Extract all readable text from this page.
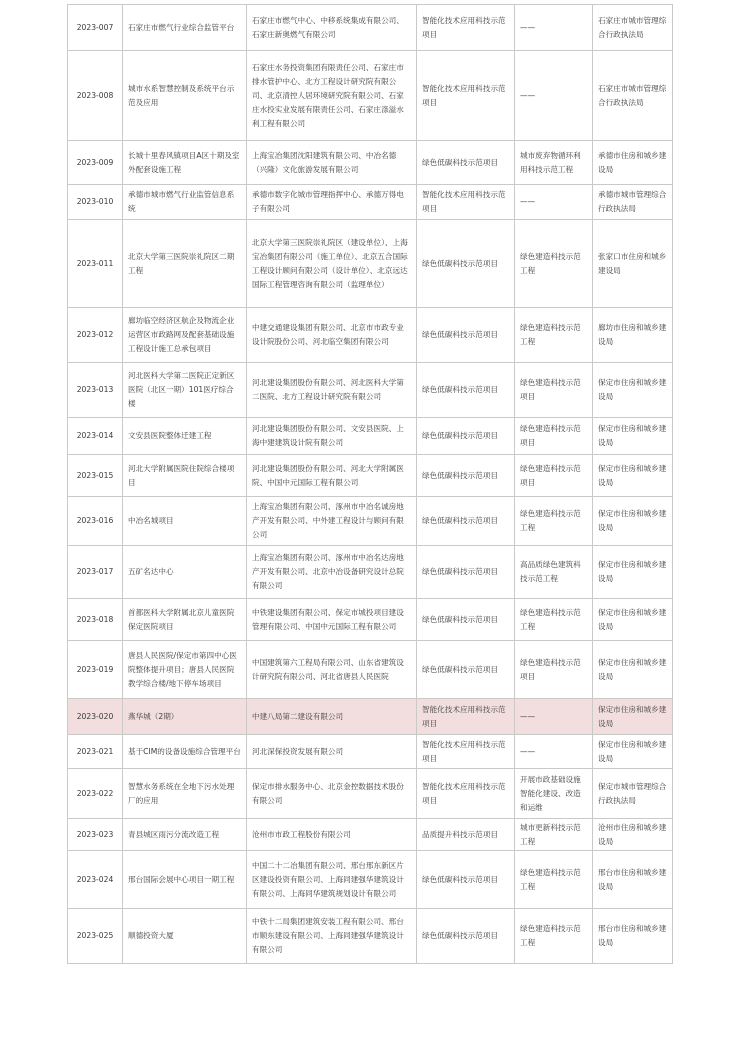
2023-007	石家庄市燃气行业综合监管平台	石家庄市燃气中心、中移系统集成有限公司、石家庄新奥燃气有限公司	智能化技术应用科技示范项目	——	石家庄市城市管理综合行政执法局
2023-008	城市水系智慧控制及系统平台示范及应用	石家庄水务投资集团有限责任公司、石家庄市排水管护中心、北方工程设计研究院有限公司、北京清控人居环境研究院有限公司、石家庄水投实业发展有限责任公司、石家庄涤溢水利工程有限公司	智能化技术应用科技示范项目	——	石家庄市城市管理综合行政执法局
2023-009	长城十里春风镇项目A区十期及室外配套设施工程	上海宝冶集团沈阳建筑有限公司、中冶名德（兴隆）文化旅游发展有限公司	绿色低碳科技示范项目	城市废弃物循环利用科技示范工程	承德市住房和城乡建设局
2023-010	承德市城市燃气行业监管信息系统	承德市数字化城市管理指挥中心、承德万得电子有限公司	智能化技术应用科技示范项目	——	承德市城市管理综合行政执法局
2023-011	北京大学第三医院崇礼院区二期工程	北京大学第三医院崇礼院区（建设单位）、上海宝冶集团有限公司（施工单位）、北京五合国际工程设计顾问有限公司（设计单位）、北京远达国际工程管理咨询有限公司（监理单位）	绿色低碳科技示范项目	绿色建造科技示范工程	张家口市住房和城乡建设局
2023-012	廊坊临空经济区航企及物流企业运营区市政路网及配套基础设施工程设计施工总承包项目	中建交通建设集团有限公司、北京市市政专业设计院股份公司、河北临空集团有限公司	绿色低碳科技示范项目	绿色建造科技示范工程	廊坊市住房和城乡建设局
2023-013	河北医科大学第二医院正定新区医院（北区一期）101医疗综合楼	河北建设集团股份有限公司、河北医科大学第二医院、北方工程设计研究院有限公司	绿色低碳科技示范项目	绿色建造科技示范项目	保定市住房和城乡建设局
2023-014	文安县医院整体迁建工程	河北建设集团股份有限公司、文安县医院、上海中建建筑设计院有限公司	绿色低碳科技示范项目	绿色建造科技示范项目	保定市住房和城乡建设局
2023-015	河北大学附属医院住院综合楼项目	河北建设集团股份有限公司、河北大学附属医院、中国中元国际工程有限公司	绿色低碳科技示范项目	绿色建造科技示范项目	保定市住房和城乡建设局
2023-016	中冶名城项目	上海宝冶集团有限公司、涿州市中冶名诚房地产开发有限公司、中外建工程设计与顾问有限公司	绿色低碳科技示范项目	绿色建造科技示范工程	保定市住房和城乡建设局
2023-017	五矿名达中心	上海宝冶集团有限公司、涿州市中冶名达房地产开发有限公司、北京中冶设备研究设计总院有限公司	绿色低碳科技示范项目	高品质绿色建筑科技示范工程	保定市住房和城乡建设局
2023-018	首都医科大学附属北京儿童医院保定医院项目	中铁建设集团有限公司、保定市城投项目建设管理有限公司、中国中元国际工程有限公司	绿色低碳科技示范项目	绿色建造科技示范工程	保定市住房和城乡建设局
2023-019	唐县人民医院/保定市第四中心医院整体提升项目；唐县人民医院教学综合楼/地下停车场项目	中国建筑第六工程局有限公司、山东省建筑设计研究院有限公司、河北省唐县人民医院	绿色低碳科技示范项目	绿色建造科技示范项目	保定市住房和城乡建设局
2023-020	燕华城（2期）	中建八局第二建设有限公司	智能化技术应用科技示范项目	——	保定市住房和城乡建设局
2023-021	基于CIM的设备设施综合管理平台	河北深保投资发展有限公司	智能化技术应用科技示范项目	——	保定市住房和城乡建设局
2023-022	智慧水务系统在全地下污水处理厂的应用	保定市排水服务中心、北京金控数据技术股份有限公司	智能化技术应用科技示范项目	开展市政基础设施智能化建设、改造和运维	保定市城市管理综合行政执法局
2023-023	青县城区雨污分流改造工程	沧州市市政工程股份有限公司	品质提升科技示范项目	城市更新科技示范工程	沧州市住房和城乡建设局
2023-024	邢台国际会展中心项目一期工程	中国二十二冶集团有限公司、邢台邢东新区片区建设投资有限公司、上海同建强华建筑设计有限公司、上海同华建筑规划设计有限公司	绿色低碳科技示范项目	绿色建造科技示范工程	邢台市住房和城乡建设局
2023-025	顺德投资大厦	中铁十二局集团建筑安装工程有限公司、邢台市顺东建设有限公司、上海同建强华建筑设计有限公司	绿色低碳科技示范项目	绿色建造科技示范工程	邢台市住房和城乡建设局
